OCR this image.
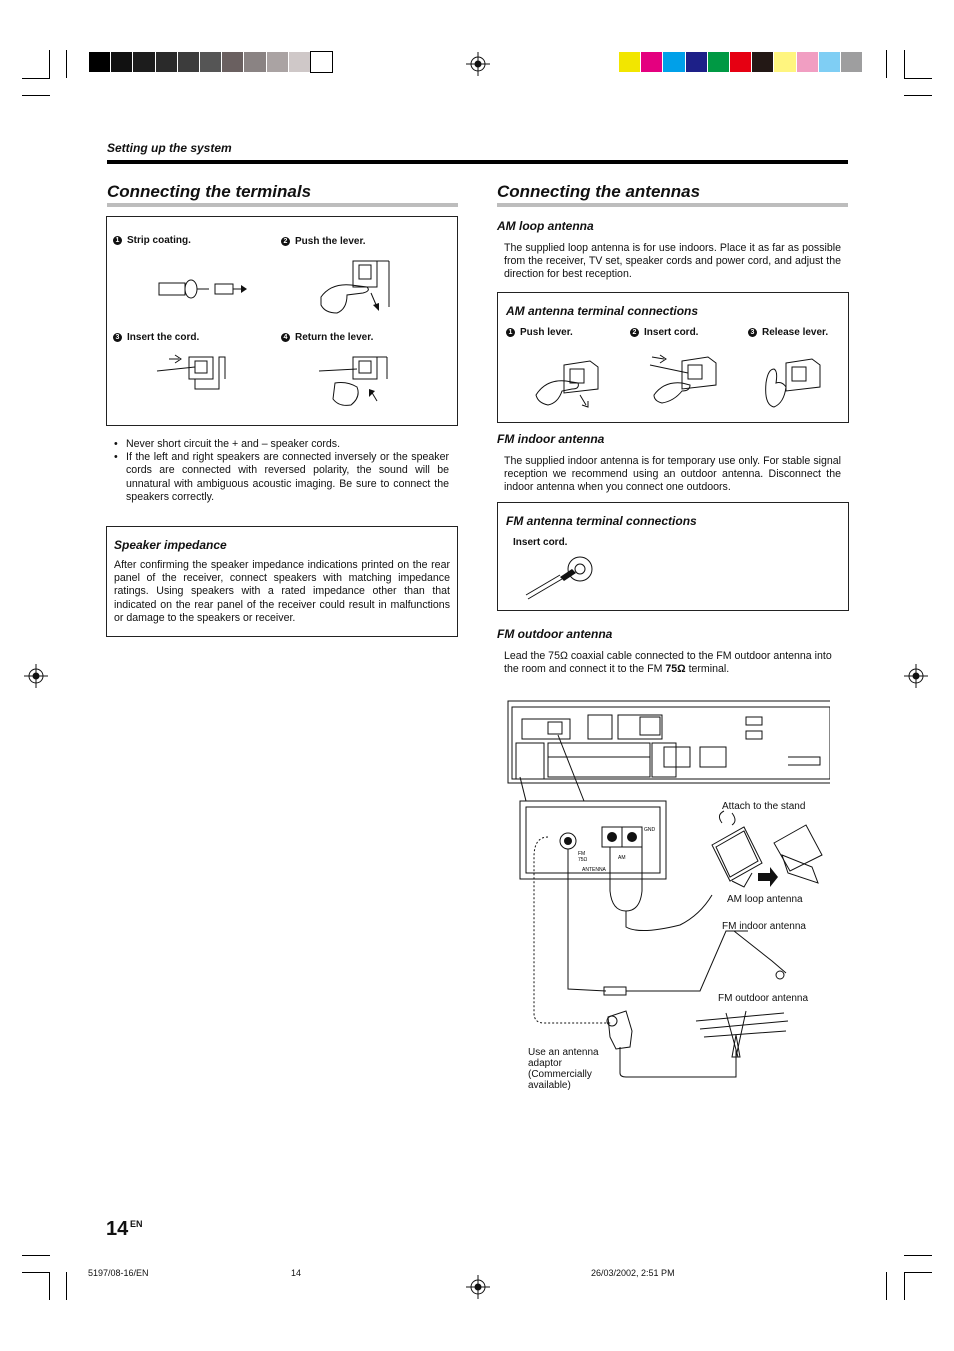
Setting up the system
Connecting the terminals
1 Strip coating.	2 Push the lever.
3 Insert the cord.	4 Return the lever.
• Never short circuit the + and – speaker cords.
• If the left and right speakers are connected inversely or the speaker cords are connected with reversed polarity, the sound will be unnatural with ambiguous acoustic imaging. Be sure to connect the speakers correctly.
Speaker impedance
After confirming the speaker impedance indications printed on the rear panel of the receiver, connect speakers with matching impedance ratings. Using speakers with a rated impedance other than that indicated on the rear panel of the receiver could result in malfunctions or damage to the speakers or receiver.
Connecting the antennas
AM loop antenna
The supplied loop antenna is for use indoors. Place it as far as possible from the receiver, TV set, speaker cords and power cord, and adjust the direction for best reception.
AM antenna terminal connections
1 Push lever.	2 Insert cord.	3 Release lever.
FM indoor antenna
The supplied indoor antenna is for temporary use only. For stable signal reception we recommend using an outdoor antenna. Disconnect the indoor antenna when you connect one outdoors.
FM antenna terminal connections
Insert cord.
FM outdoor antenna
Lead the 75Ω coaxial cable connected to the FM outdoor antenna into the room and connect it to the FM 75Ω terminal.
FM
75Ω	AM
GND
ANTENNA
Attach to the stand
AM loop antenna
FM indoor antenna
FM outdoor antenna
Use an antenna adaptor (Commercially available)
14 EN
5197/08-16/EN	14	26/03/2002, 2:51 PM
